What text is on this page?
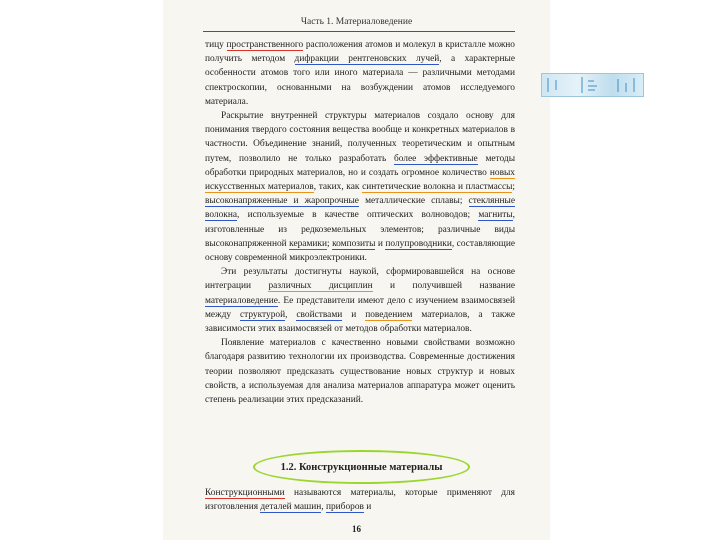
Часть 1. Материаловедение

тицу пространственного расположения атомов и молекул в кристалле можно получить методом дифракции рентгеновских лучей, а характерные особенности атомов того или иного материала — различными методами спектроскопии, основанными на возбуждении атомов исследуемого материала.

Раскрытие внутренней структуры материалов создало основу для понимания твердого состояния вещества вообще и конкретных материалов в частности. Объединение знаний, полученных теоретическим и опытным путем, позволило не только разработать более эффективные методы обработки природных материалов, но и создать огромное количество новых искусственных материалов, таких, как синтетические волокна и пластмассы; высоконапряженные и жаропрочные металлические сплавы; стеклянные волокна, используемые в качестве оптических волноводов; магниты, изготовленные из редкоземельных элементов; различные виды высоконапряженной керамики; композиты и полупроводники, составляющие основу современной микроэлектроники.

Эти результаты достигнуты наукой, сформировавшейся на основе интеграции различных дисциплин и получившей название материаловедение. Ее представители имеют дело с изучением взаимосвязей между структурой, свойствами и поведением материалов, а также зависимости этих взаимосвязей от методов обработки материалов.

Появление материалов с качественно новыми свойствами возможно благодаря развитию технологии их производства. Современные достижения теории позволяют предсказать существование новых структур и новых свойств, а используемая для анализа материалов аппаратура может оценить степень реализации этих предсказаний.

1.2. Конструкционные материалы
Конструкционными называются материалы, которые применяют для изготовления деталей машин, приборов и
16
